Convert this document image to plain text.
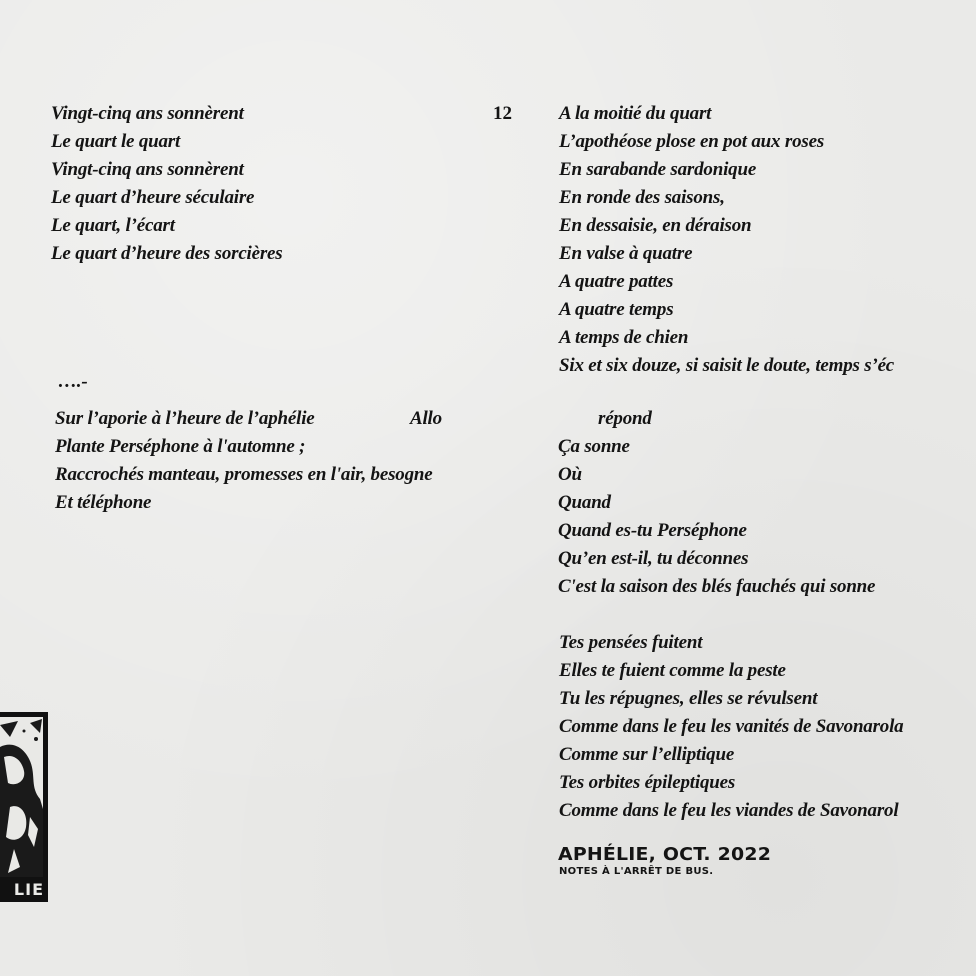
12
Vingt-cinq ans sonnèrent
Le quart le quart
Vingt-cinq ans sonnèrent
Le quart d’heure séculaire
Le quart, l’écart
Le quart d’heure des sorcières
….-
Sur l’aporie à l’heure de l’aphélie	Allo
Plante Perséphone à l'automne ;
Raccrochés manteau, promesses en l'air, besogne
Et téléphone
A la moitié du quart
L’apothéose plose en pot aux roses
En sarabande sardonique
En ronde des saisons,
En dessaisie, en déraison
En valse à quatre
A quatre pattes
A quatre temps
A temps de chien
Six et six douze, si saisit le doute, temps s’éc
répond
Ça sonne
Où
Quand
Quand es-tu Perséphone
Qu’en est-il, tu déconnes
C'est la saison des blés fauchés qui sonne
Tes pensées fuitent
Elles te fuient comme la peste
Tu les répugnes, elles se révulsent
Comme dans le feu les vanités de Savonarola
Comme sur l’elliptique
Tes orbites épileptiques
Comme dans le feu les viandes de Savonarol
APHÉLIE, OCT. 2022
NOTES À L'ARRÊT DE BUS.
LIE
